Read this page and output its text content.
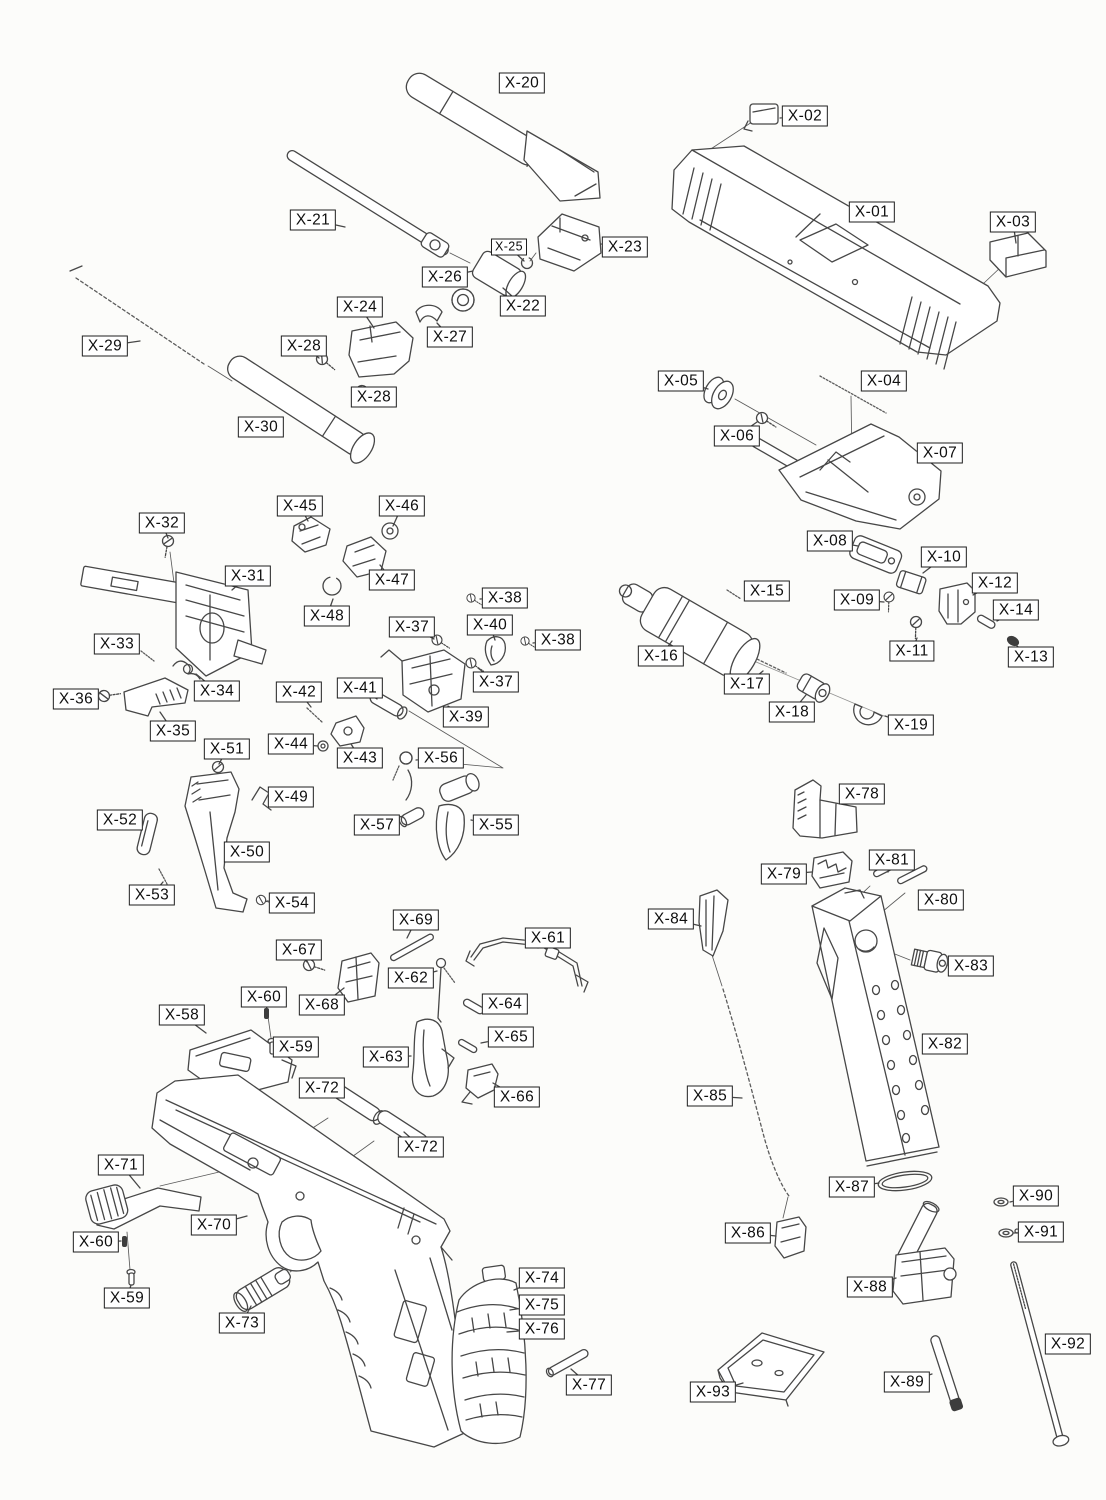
X-20
X-02
X-01
X-03
X-21
X-25	X-23
X-26
X-22
X-24
X-27
X-28
X-28
X-29
X-30
X-05	X-04
X-06
X-07
X-08
X-10
X-09
X-12
X-14
X-11	X-13
X-15
X-16
X-17
X-18
X-19
X-32
X-45	X-46
X-31	X-47
X-48
X-33
X-37
X-38
X-40
X-38
X-37
X-36	X-34	X-42	X-41
X-39
X-35
X-44
X-51
X-43	X-56
X-49
X-52
X-50
X-53	X-54
X-57	X-55
X-69
X-61
X-67
X-62
X-60	X-68	X-64
X-58
X-65
X-59
X-63
X-72
X-66
X-72
X-71
X-70
X-60
X-59
X-73
X-74
X-75
X-76
X-77
X-78
X-81
X-79
X-80
X-84
X-83
X-82
X-85
X-87
X-90
X-86	X-91
X-88
X-92
X-89
X-93
